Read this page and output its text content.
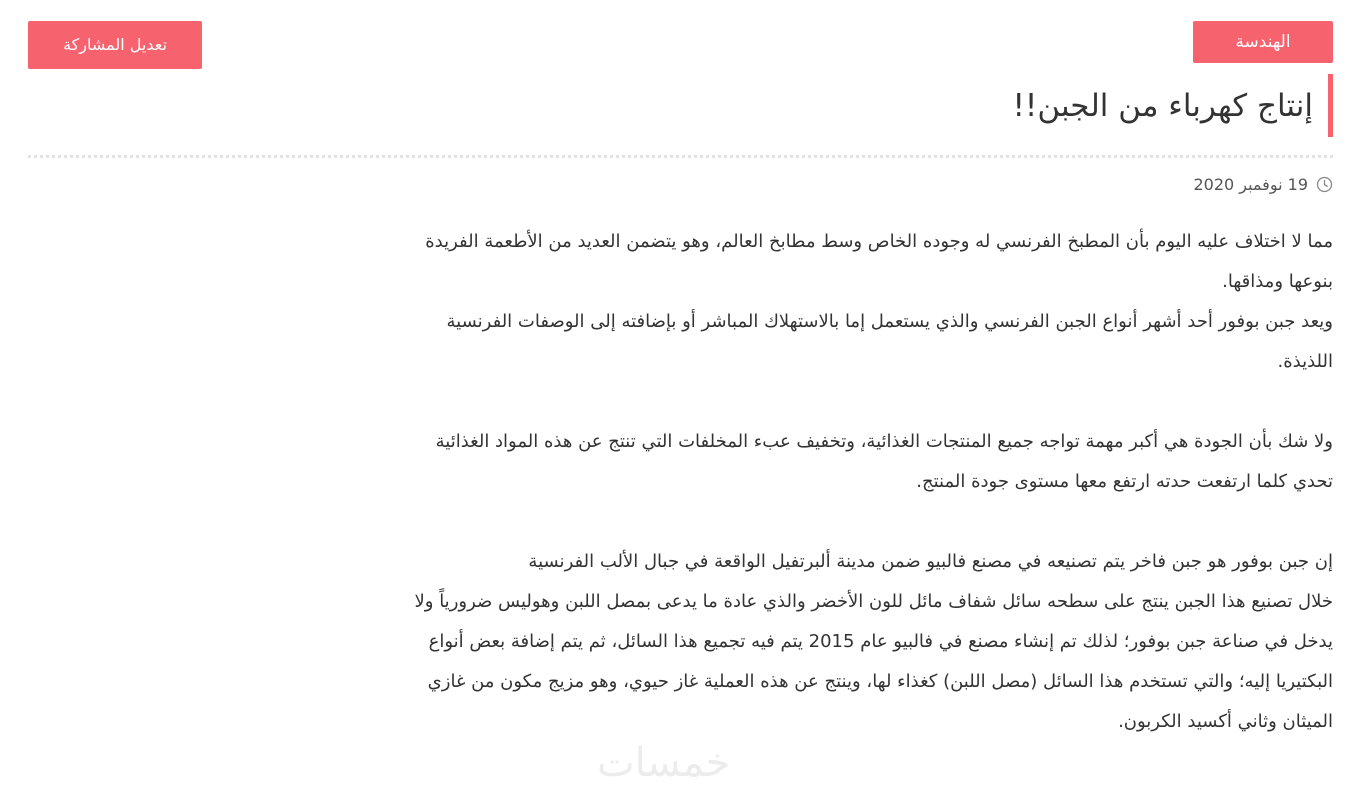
الهندسة
تعديل المشاركة
إنتاج كهرباء من الجبن!!
19 نوفمبر 2020

مما لا اختلاف عليه اليوم بأن المطبخ الفرنسي له وجوده الخاص وسط مطابخ العالم، وهو يتضمن العديد من الأطعمة الفريدة

بنوعها ومذاقها.

ويعد جبن بوفور أحد أشهر أنواع الجبن الفرنسي والذي يستعمل إما بالاستهلاك المباشر أو بإضافته إلى الوصفات الفرنسية

اللذيذة.

ولا شك بأن الجودة هي أكبر مهمة تواجه جميع المنتجات الغذائية، وتخفيف عبء المخلفات التي تنتج عن هذه المواد الغذائية

تحدي كلما ارتفعت حدته ارتفع معها مستوى جودة المنتج.

إن جبن بوفور هو جبن فاخر يتم تصنيعه في مصنع فالبيو ضمن مدينة ألبرتفيل الواقعة في جبال الألب الفرنسية

خلال تصنيع هذا الجبن ينتج على سطحه سائل شفاف مائل للون الأخضر والذي عادة ما يدعى بمصل اللبن وهوليس ضرورياً ولا

يدخل في صناعة جبن بوفور؛ لذلك تم إنشاء مصنع في فالبيو عام 2015 يتم فيه تجميع هذا السائل، ثم يتم إضافة بعض أنواع

البكتيريا إليه؛ والتي تستخدم هذا السائل (مصل اللبن) كغذاء لها، وينتج عن هذه العملية غاز حيوي، وهو مزيج مكون من غازي

الميثان وثاني أكسيد الكربون.

خمسات
